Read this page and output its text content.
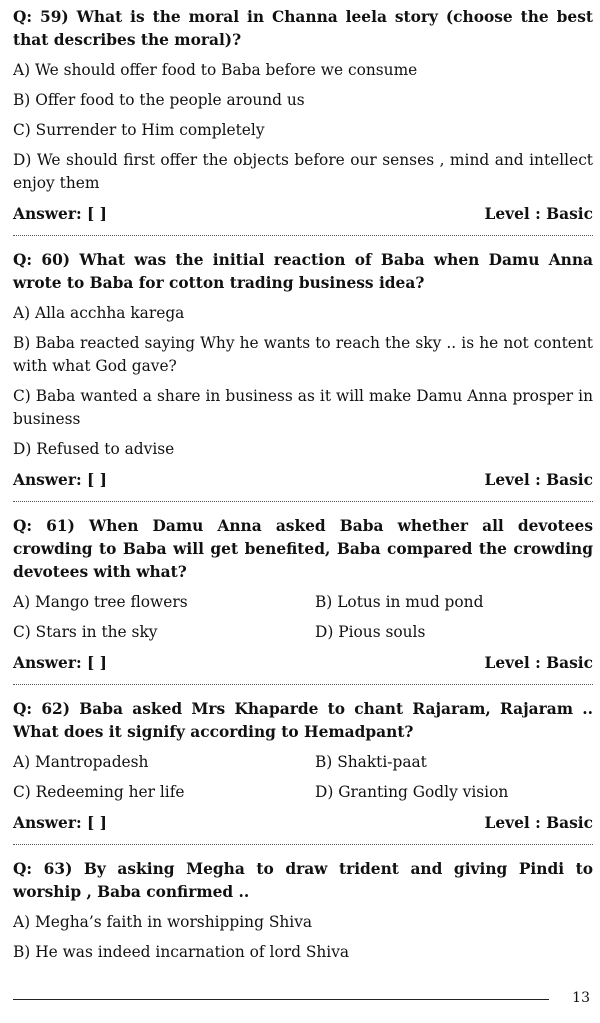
Q: 59) What is the moral in Channa leela story (choose the best that describes the moral)?
A) We should offer food to Baba before we consume
B) Offer food to the people around us
C) Surrender to Him completely
D) We should first offer the objects before our senses , mind and intellect enjoy them
Answer: [ ]	Level : Basic
Q: 60) What was the initial reaction of Baba when Damu Anna wrote to Baba for cotton trading business idea?
A) Alla acchha karega
B) Baba reacted saying Why he wants to reach the sky .. is he not content with what God gave?
C) Baba wanted a share in business as it will make Damu Anna prosper in business
D) Refused to advise
Answer: [ ]	Level : Basic
Q: 61) When Damu Anna asked Baba whether all devotees crowding to Baba will get benefited, Baba compared the crowding devotees with what?
A) Mango tree flowers	B) Lotus in mud pond
C) Stars in the sky	D) Pious souls
Answer: [ ]	Level : Basic
Q: 62) Baba asked Mrs Khaparde to chant Rajaram, Rajaram .. What does it signify according to Hemadpant?
A) Mantropadesh	B) Shakti-paat
C) Redeeming her life	D) Granting Godly vision
Answer: [ ]	Level : Basic
Q: 63) By asking Megha to draw trident and giving Pindi to worship , Baba confirmed ..
A) Megha’s faith in worshipping Shiva
B) He was indeed incarnation of lord Shiva
13
